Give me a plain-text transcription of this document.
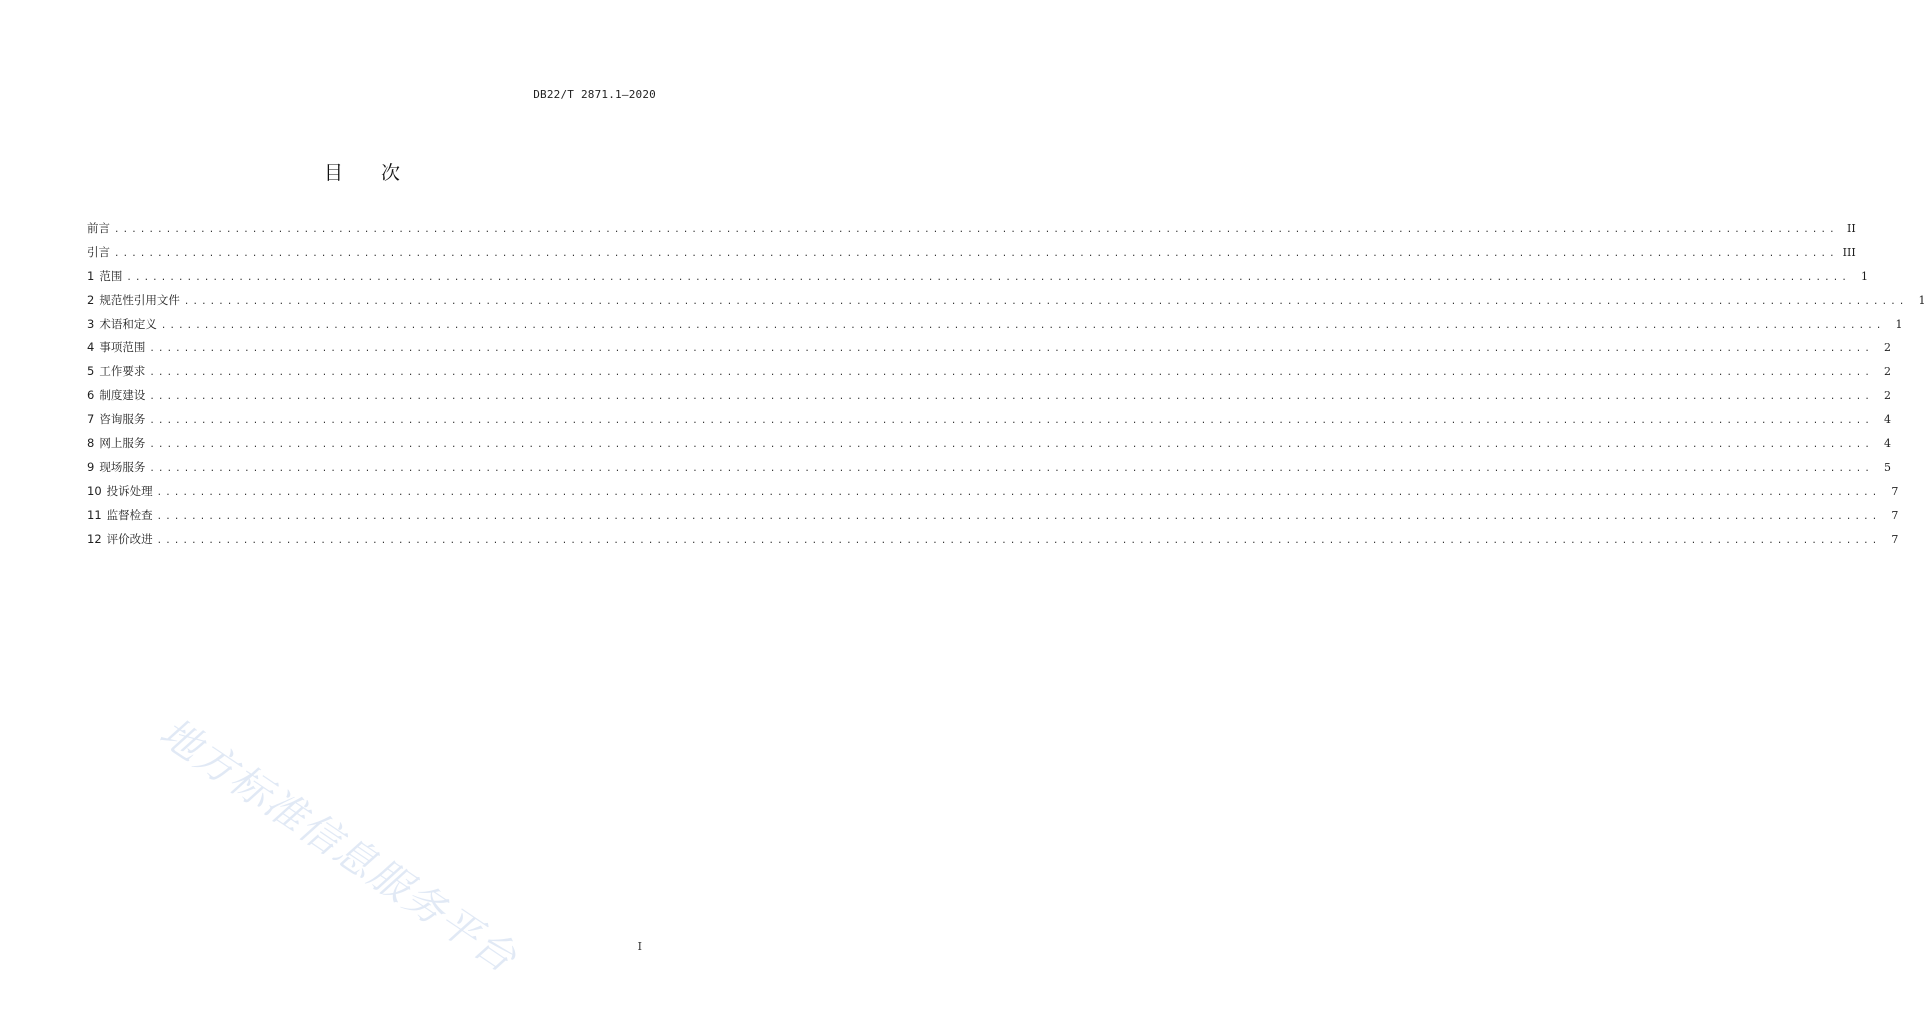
DB22/T 2871.1—2020
目 次
前言 ........................................................................................................................................................................................................ II
引言 ........................................................................................................................................................................................................ III
1 范围 ........................................................................................................................................................................................................	1
2 规范性引用文件 ........................................................................................................................................................................................................	1
3 术语和定义 ........................................................................................................................................................................................................	1
4 事项范围 ........................................................................................................................................................................................................	2
5 工作要求 ........................................................................................................................................................................................................	2
6 制度建设 ........................................................................................................................................................................................................	2
7 咨询服务 ........................................................................................................................................................................................................	4
8 网上服务 ........................................................................................................................................................................................................	4
9 现场服务 ........................................................................................................................................................................................................	5
10 投诉处理 ........................................................................................................................................................................................................	7
11 监督检查 ........................................................................................................................................................................................................	7
12 评价改进 ........................................................................................................................................................................................................	7
地方标准信息服务平台	I
